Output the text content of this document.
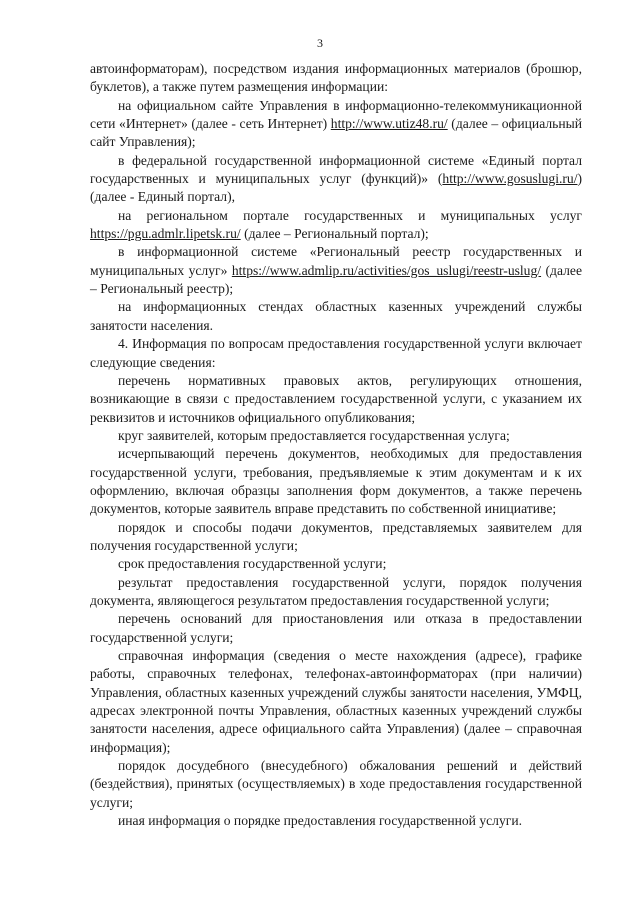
3

автоинформаторам), посредством издания информационных материалов (брошюр, буклетов), а также путем размещения информации:

на официальном сайте Управления в информационно-телекоммуникационной сети «Интернет» (далее - сеть Интернет) http://www.utiz48.ru/ (далее – официальный сайт Управления);

в федеральной государственной информационной системе «Единый портал государственных и муниципальных услуг (функций)» (http://www.gosuslugi.ru/) (далее - Единый портал),

на региональном портале государственных и муниципальных услуг https://pgu.admlr.lipetsk.ru/ (далее – Региональный портал);

в информационной системе «Региональный реестр государственных и муниципальных услуг» https://www.admlip.ru/activities/gos_uslugi/reestr-uslug/ (далее – Региональный реестр);

на информационных стендах областных казенных учреждений службы занятости населения.

4. Информация по вопросам предоставления государственной услуги включает следующие сведения:

перечень нормативных правовых актов, регулирующих отношения, возникающие в связи с предоставлением государственной услуги, с указанием их реквизитов и источников официального опубликования;

круг заявителей, которым предоставляется государственная услуга;

исчерпывающий перечень документов, необходимых для предоставления государственной услуги, требования, предъявляемые к этим документам и к их оформлению, включая образцы заполнения форм документов, а также перечень документов, которые заявитель вправе представить по собственной инициативе;

порядок и способы подачи документов, представляемых заявителем для получения государственной услуги;

срок предоставления государственной услуги;

результат предоставления государственной услуги, порядок получения документа, являющегося результатом предоставления государственной услуги;

перечень оснований для приостановления или отказа в предоставлении государственной услуги;

справочная информация (сведения о месте нахождения (адресе), графике работы, справочных телефонах, телефонах-автоинформаторах (при наличии) Управления, областных казенных учреждений службы занятости населения, УМФЦ, адресах электронной почты Управления, областных казенных учреждений службы занятости населения, адресе официального сайта Управления) (далее – справочная информация);

порядок досудебного (внесудебного) обжалования решений и действий (бездействия), принятых (осуществляемых) в ходе предоставления государственной услуги;

иная информация о порядке предоставления государственной услуги.
